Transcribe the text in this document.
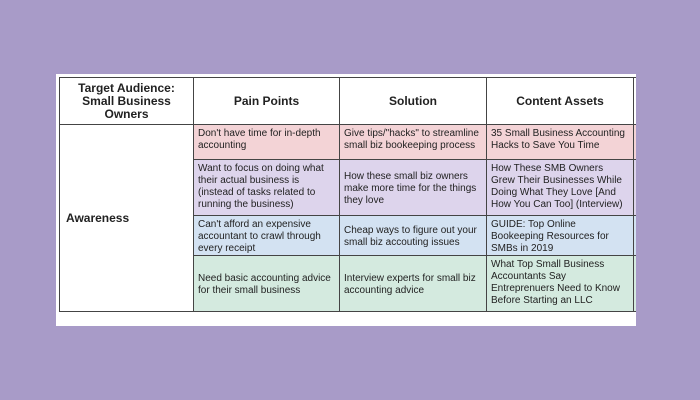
Target Audience: Small Business Owners	Pain Points	Solution	Content Assets	
Awareness	Don't have time for in-depth accounting	Give tips/"hacks" to streamline small biz bookeeping process	35 Small Business Accounting Hacks to Save You Time	
	Want to focus on doing what their actual business is (instead of tasks related to running the business)	How these small biz owners make more time for the things they love	How These SMB Owners Grew Their Businesses While Doing What They Love [And How You Can Too] (Interview)	
	Can't afford an expensive accountant to crawl through every receipt	Cheap ways to figure out your small biz accouting issues	GUIDE: Top Online Bookeeping Resources for SMBs in 2019	
	Need basic accounting advice for their small business	Interview experts for small biz accounting advice	What Top Small Business Accountants Say Entreprenuers Need to Know Before Starting an LLC	
